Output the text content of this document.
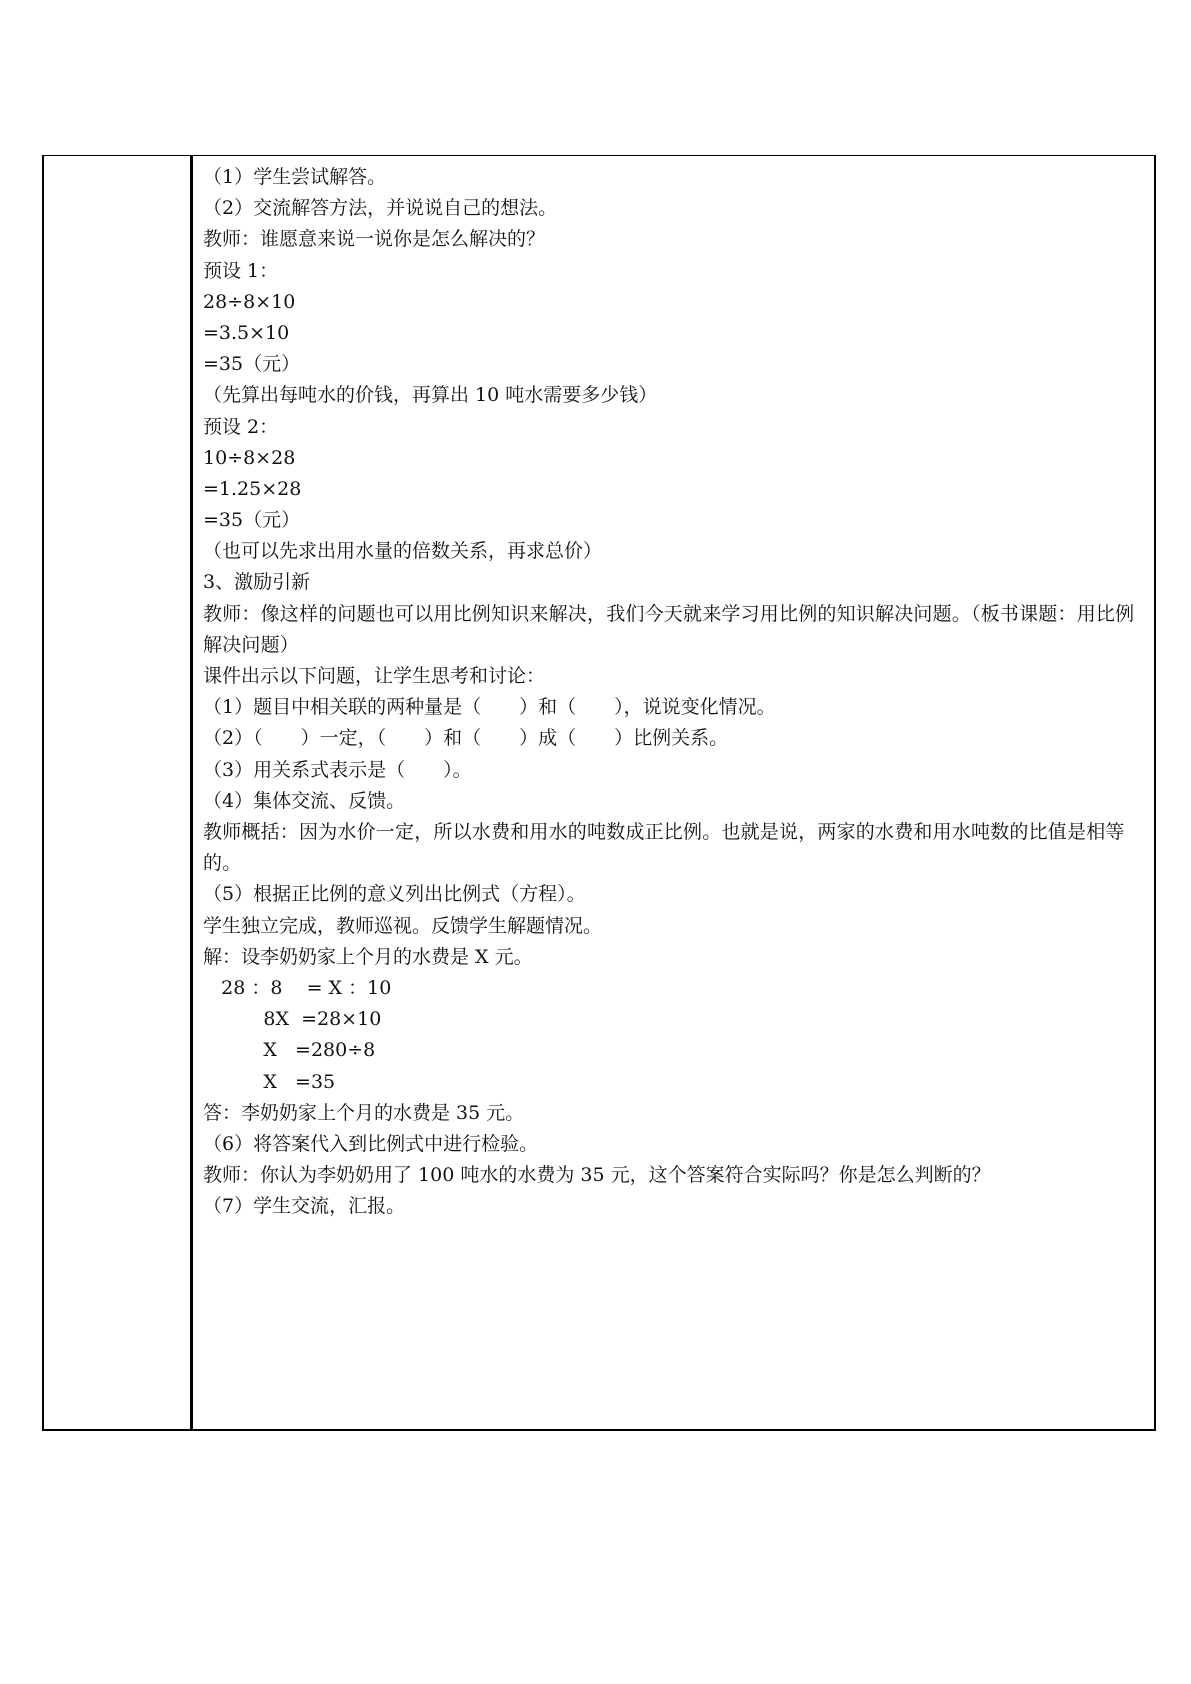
（1）学生尝试解答。
（2）交流解答方法，并说说自己的想法。
教师：谁愿意来说一说你是怎么解决的？
预设 1：
28÷8×10
=3.5×10
=35（元）
（先算出每吨水的价钱，再算出 10 吨水需要多少钱）
预设 2：
10÷8×28
=1.25×28
=35（元）
（也可以先求出用水量的倍数关系，再求总价）
3、激励引新
教师：像这样的问题也可以用比例知识来解决，我们今天就来学习用比例的知识解决问题。（板书课题：用比例解决问题）
课件出示以下问题，让学生思考和讨论：
（1）题目中相关联的两种量是（　　）和（　　），说说变化情况。
（2）（　　）一定，（　　）和（　　）成（　　）比例关系。
（3）用关系式表示是（　　）。
（4）集体交流、反馈。
教师概括：因为水价一定，所以水费和用水的吨数成正比例。也就是说，两家的水费和用水吨数的比值是相等的。
（5）根据正比例的意义列出比例式（方程）。
学生独立完成，教师巡视。反馈学生解题情况。
解：设李奶奶家上个月的水费是 X 元。
28 ：8    = X ：10
8X  =28×10
X   =280÷8
X   =35
答：李奶奶家上个月的水费是 35 元。
（6）将答案代入到比例式中进行检验。
教师：你认为李奶奶用了 100 吨水的水费为 35 元，这个答案符合实际吗？你是怎么判断的？
（7）学生交流，汇报。
